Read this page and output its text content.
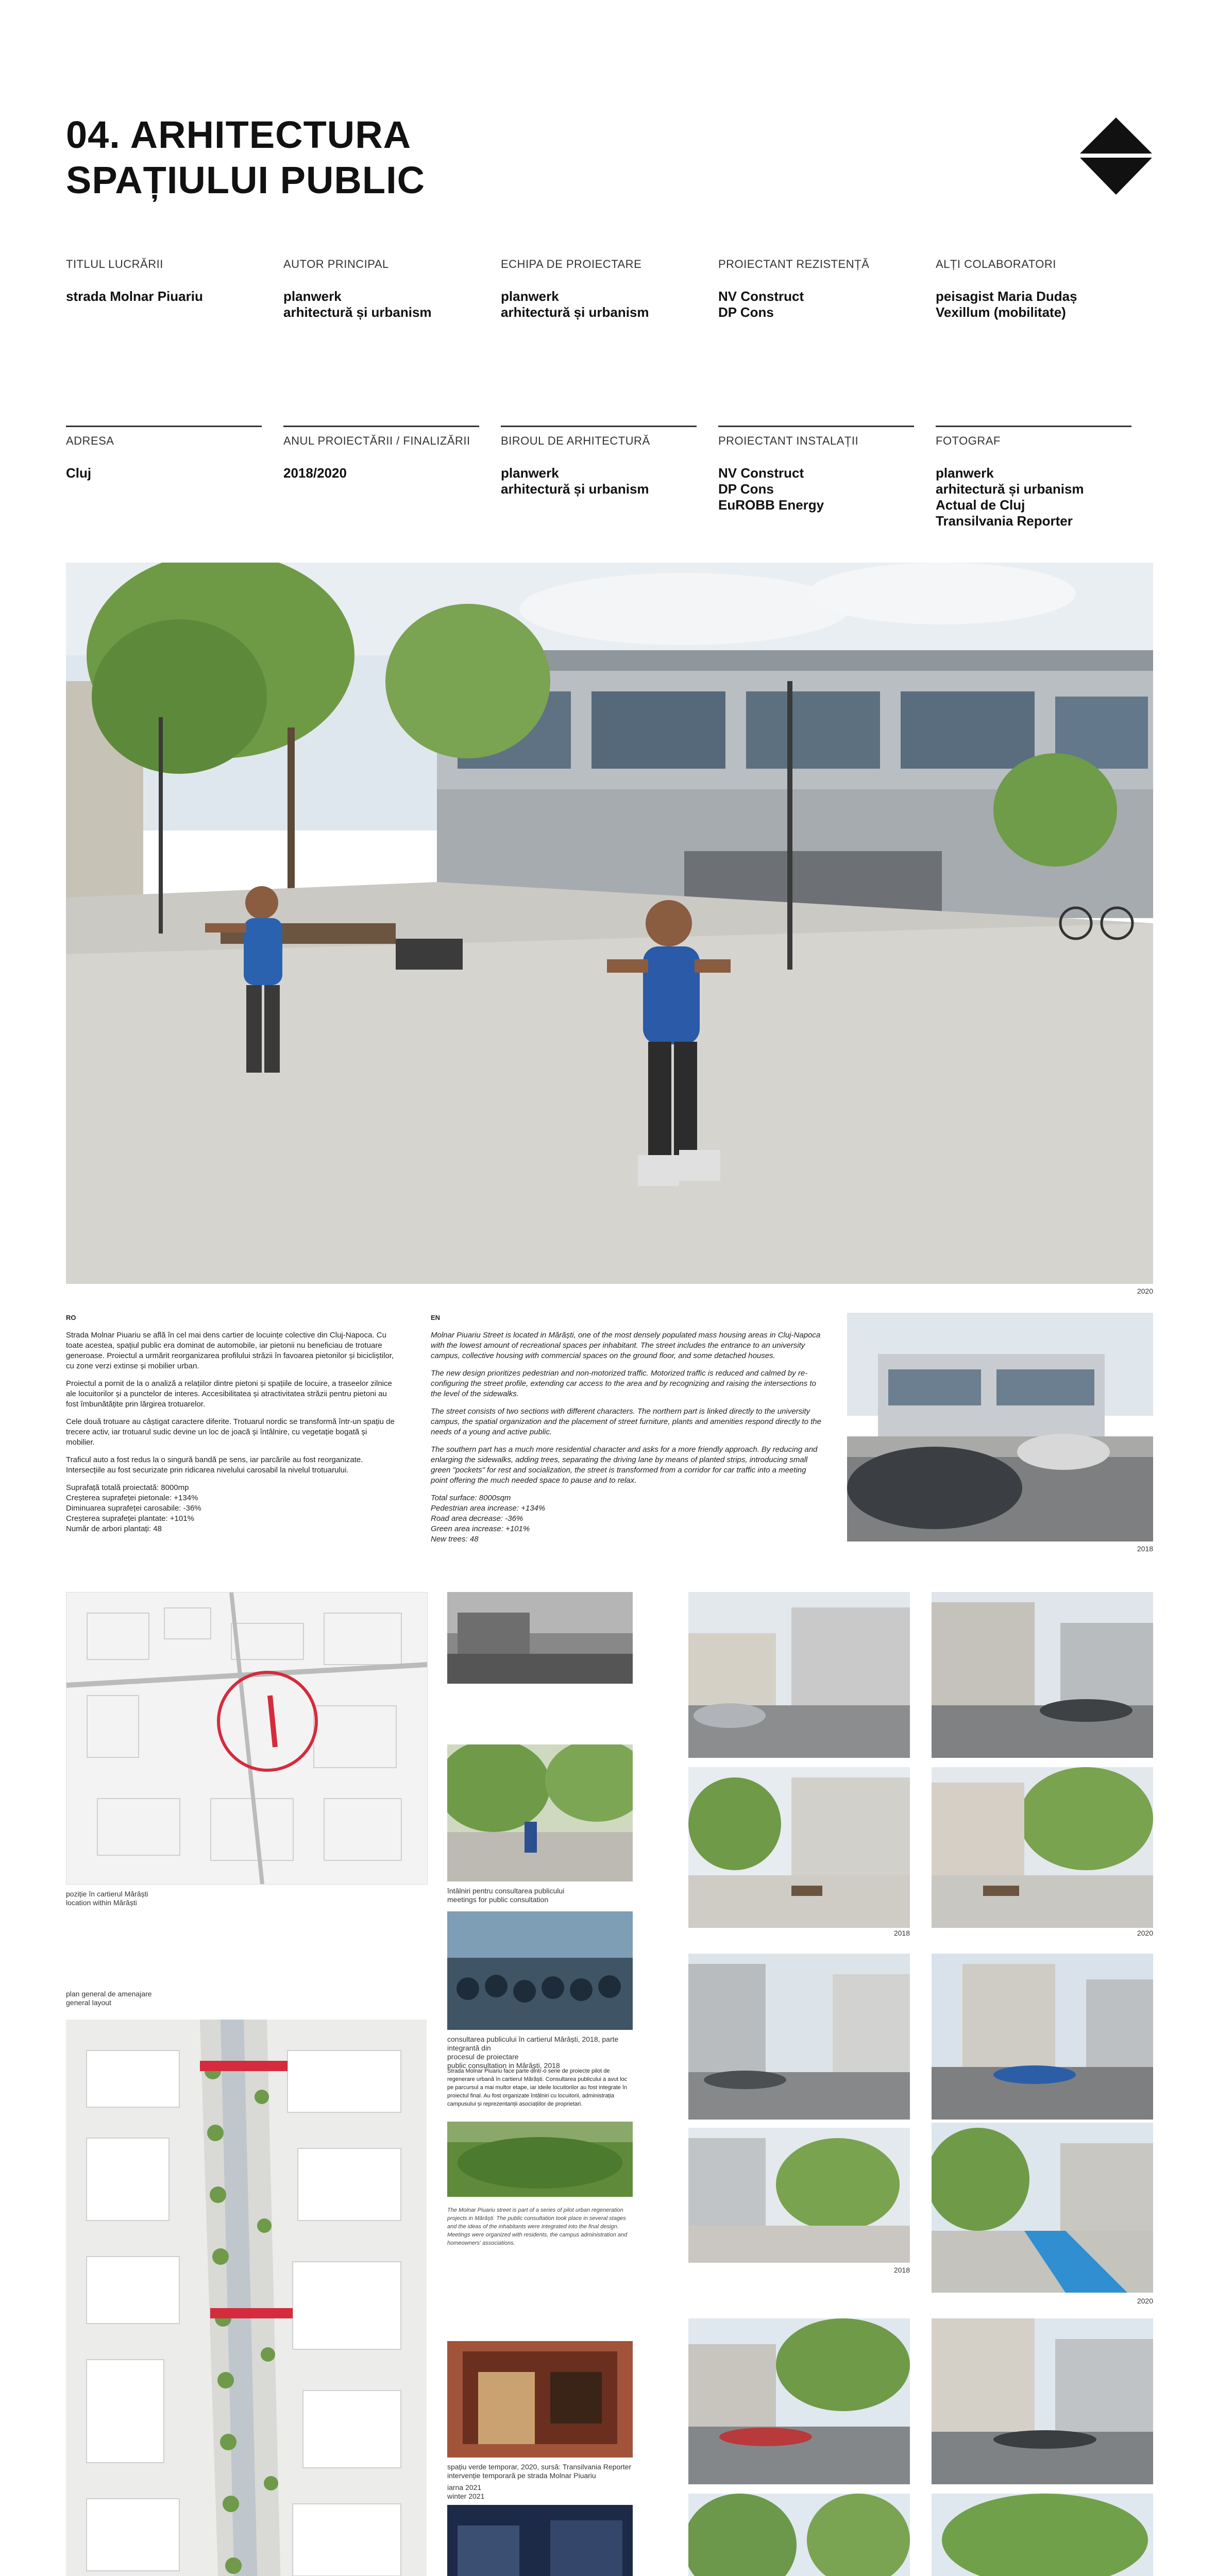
04. ARHITECTURA
SPAȚIULUI PUBLIC
TITLUL LUCRĂRII
strada Molnar Piuariu
AUTOR PRINCIPAL
planwerk
arhitectură și urbanism
ECHIPA DE PROIECTARE
planwerk
arhitectură și urbanism
PROIECTANT REZISTENȚĂ
NV Construct
DP Cons
ALȚI COLABORATORI
peisagist Maria Dudaș
Vexillum (mobilitate)
ADRESA
Cluj
ANUL PROIECTĂRII / FINALIZĂRII
2018/2020
BIROUL DE ARHITECTURĂ
planwerk
arhitectură și urbanism
PROIECTANT INSTALAȚII
NV Construct
DP Cons
EuROBB Energy
FOTOGRAF
planwerk
arhitectură și urbanism
Actual de Cluj
Transilvania Reporter
2020

RO

Strada Molnar Piuariu se află în cel mai dens cartier de locuințe colective din Cluj-Napoca. Cu toate acestea, spațiul public era dominat de automobile, iar pietonii nu beneficiau de trotuare generoase. Proiectul a urmărit reorganizarea profilului străzii în favoarea pietonilor și bicicliștilor, cu zone verzi extinse și mobilier urban.

Proiectul a pornit de la o analiză a relațiilor dintre pietoni și spațiile de locuire, a traseelor zilnice ale locuitorilor și a punctelor de interes. Accesibilitatea și atractivitatea străzii pentru pietoni au fost îmbunătățite prin lărgirea trotuarelor.

Cele două trotuare au câștigat caractere diferite. Trotuarul nordic se transformă într-un spațiu de trecere activ, iar trotuarul sudic devine un loc de joacă și întâlnire, cu vegetație bogată și mobilier.

Traficul auto a fost redus la o singură bandă pe sens, iar parcările au fost reorganizate. Intersecțiile au fost securizate prin ridicarea nivelului carosabil la nivelul trotuarului.

Suprafață totală proiectată: 8000mp
Creșterea suprafeței pietonale: +134%
Diminuarea suprafeței carosabile: -36%
Creșterea suprafeței plantate: +101%
Număr de arbori plantați: 48

EN

Molnar Piuariu Street is located in Mărăști, one of the most densely populated mass housing areas in Cluj-Napoca with the lowest amount of recreational spaces per inhabitant. The street includes the entrance to an university campus, collective housing with commercial spaces on the ground floor, and some detached houses.

The new design prioritizes pedestrian and non-motorized traffic. Motorized traffic is reduced and calmed by re-configuring the street profile, extending car access to the area and by recognizing and raising the intersections to the level of the sidewalks.

The street consists of two sections with different characters. The northern part is linked directly to the university campus, the spatial organization and the placement of street furniture, plants and amenities respond directly to the needs of a young and active public.

The southern part has a much more residential character and asks for a more friendly approach. By reducing and enlarging the sidewalks, adding trees, separating the driving lane by means of planted strips, introducing small green "pockets" for rest and socialization, the street is transformed from a corridor for car traffic into a meeting point offering the much needed space to pause and to relax.

Total surface: 8000sqm
Pedestrian area increase: +134%
Road area decrease: -36%
Green area increase: +101%
New trees: 48

2018
poziție în cartierul Mărăști
location within Mărăști
plan general de amenajare
general layout
întâlniri pentru consultarea publicului
meetings for public consultation
consultarea publicului în cartierul Mărăști, 2018, parte integrantă din
procesul de proiectare
public consultation in Mărăști, 2018
Strada Molnar Piuariu face parte dintr-o serie de proiecte pilot de regenerare urbană în cartierul Mărăști. Consultarea publicului a avut loc pe parcursul a mai multor etape, iar ideile locuitorilor au fost integrate în proiectul final. Au fost organizate întâlniri cu locuitorii, administrația campusului și reprezentanții asociațiilor de proprietari.
The Molnar Piuariu street is part of a series of pilot urban regeneration projects in Mărăști. The public consultation took place in several stages and the ideas of the inhabitants were integrated into the final design. Meetings were organized with residents, the campus administration and homeowners' associations.
spațiu verde temporar, 2020, sursă: Transilvania Reporter
intervenție temporară pe strada Molnar Piuariu
iarna 2021
winter 2021
2018	2020
2018
2020
